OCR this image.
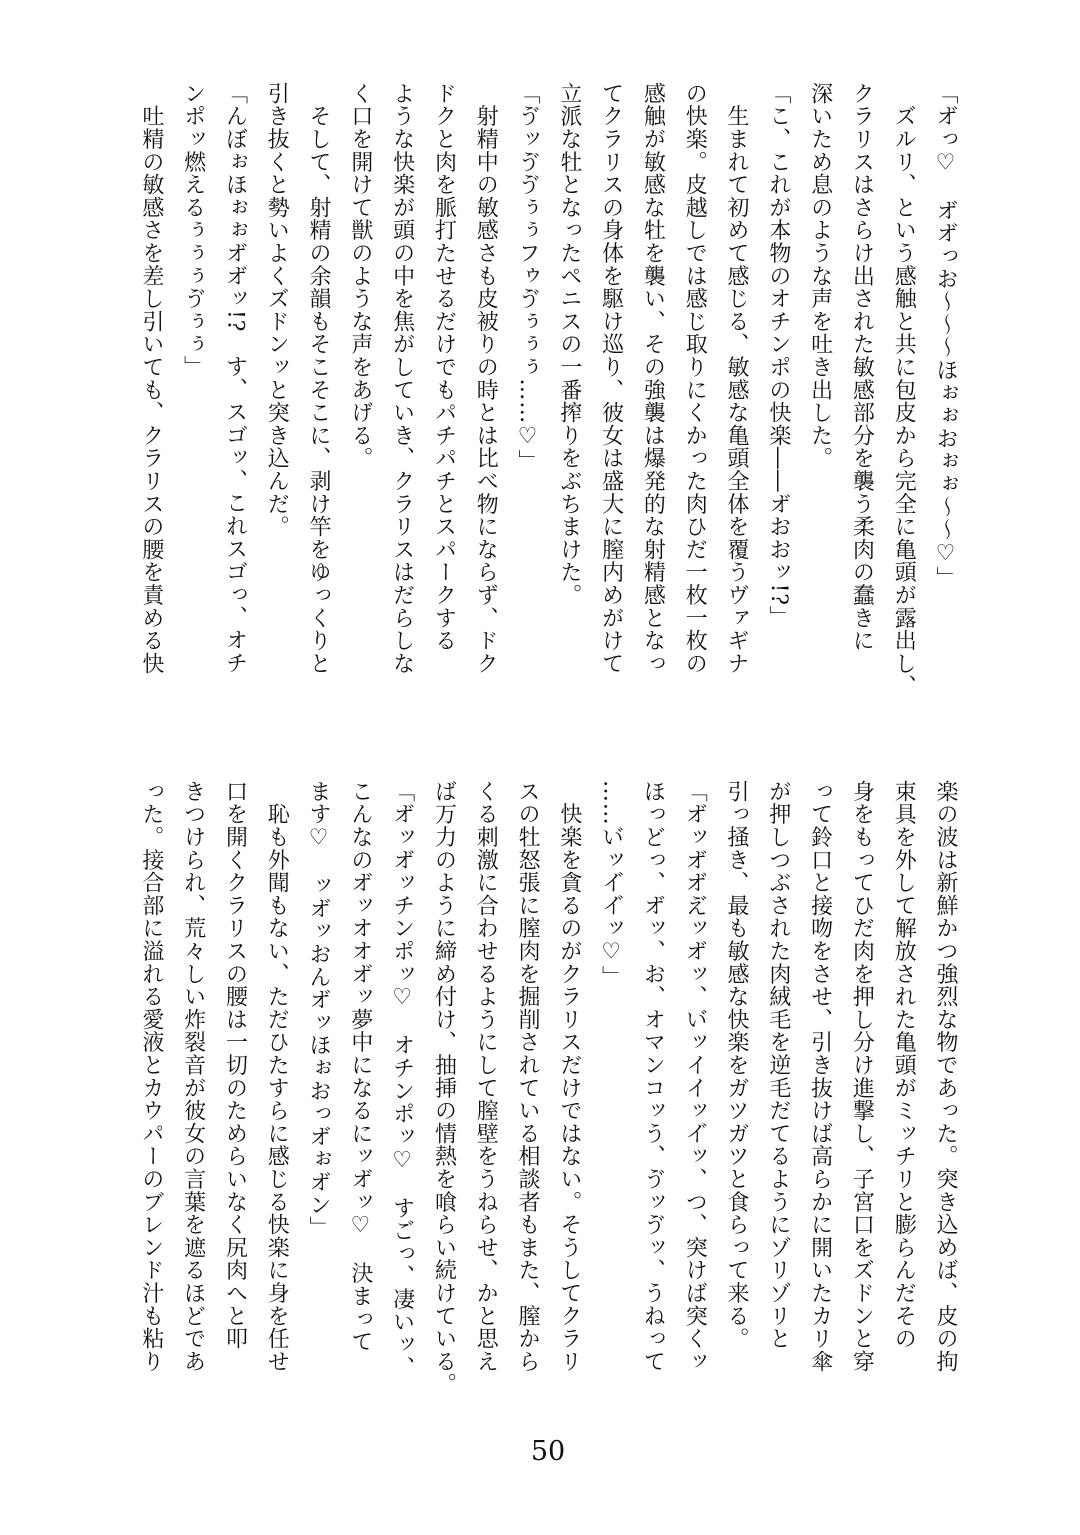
「オ゙っ♡　オ゙オ゙っお〜〜〜ほぉぉおぉぉ〜〜♡」
　ズルリ、という感触と共に包皮から完全に亀頭が露出し、
クラリスはさらけ出された敏感部分を襲う柔肉の蠢きに
深いため息のような声を吐き出した。
「こ、これが本物のオチンポの快楽――オ゙おおッ!?」
　生まれて初めて感じる、敏感な亀頭全体を覆うヴァギナ
の快楽。皮越しでは感じ取りにくかった肉ひだ一枚一枚の
感触が敏感な牡を襲い、その強襲は爆発的な射精感となっ
てクラリスの身体を駆け巡り、彼女は盛大に膣内めがけて
立派な牡となったペニスの一番搾りをぶちまけた。
「ゔッゔゔぅぅフゥゔぅぅぅ……♡」
　射精中の敏感さも皮被りの時とは比べ物にならず、ドク
ドクと肉を脈打たせるだけでもパチパチとスパークする
ような快楽が頭の中を焦がしていき、クラリスはだらしな
く口を開けて獣のような声をあげる。
　そして、射精の余韻もそこそこに、剥け竿をゆっくりと
引き抜くと勢いよくズドンッと突き込んだ。
「んぼぉほぉぉオ゙オ゙ッ!?　す、スゴッ、これスゴっ、オチ
ンポッ燃えるぅぅぅゔぅぅ」
　吐精の敏感さを差し引いても、クラリスの腰を責める快
楽の波は新鮮かつ強烈な物であった。突き込めば、皮の拘
束具を外して解放された亀頭がミッチリと膨らんだその
身をもってひだ肉を押し分け進撃し、子宮口をズドンと穿
って鈴口と接吻をさせ、引き抜けば高らかに開いたカリ傘
が押しつぶされた肉絨毛を逆毛だてるようにゾリゾリと
引っ掻き、最も敏感な快楽をガツガツと食らって来る。
「オ゙ッオ゙オ゙え゙ッオ゙ッ、い゙ッイイッイ゙ッ、つ、突けば突くッ
ほっどっ、オ゙ッ、お、オマンコッう、ゔッゔッ、うねって
……い゙ッイ゙イ゙ッ♡」
　快楽を貪るのがクラリスだけではない。そうしてクラリ
スの牡怒張に膣肉を掘削されている相談者もまた、膣から
くる刺激に合わせるようにして膣壁をうねらせ、かと思え
ば万力のように締め付け、抽挿の情熱を喰らい続けている。
「オ゙ッオ゙ッチンポッ♡　オチンポッ♡　すごっ、凄いッ、
こんなのオ゙ッオオオ゙ッ夢中になるにッオ゙ッ♡　決まって
ます♡　ッオ゙ッおんオ゙ッほぉおっオ゙ぉオ゙ン」
　恥も外聞もない、ただひたすらに感じる快楽に身を任せ
口を開くクラリスの腰は一切のためらいなく尻肉へと叩
きつけられ、荒々しい炸裂音が彼女の言葉を遮るほどであ
った。接合部に溢れる愛液とカウパーのブレンド汁も粘り
50
